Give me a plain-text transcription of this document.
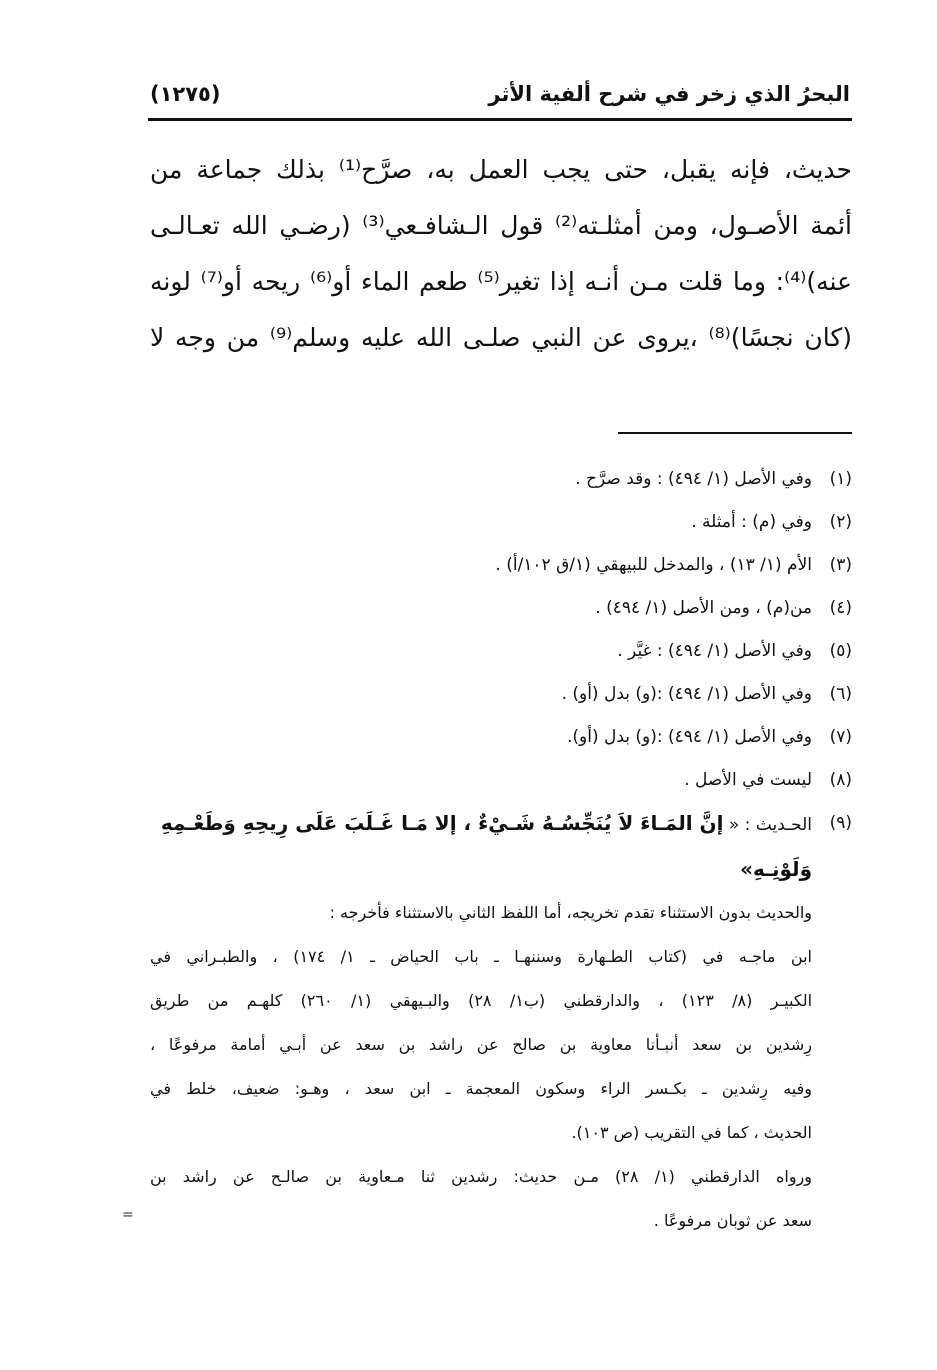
البحرُ الذي زخر في شرح ألفية الأثر
(١٢٧٥)
حديث، فإنه يقبل، حتى يجب العمل به، صرَّح⁽¹⁾ بذلك جماعة من
أئمة الأصـول، ومن أمثلـته⁽²⁾ قول الـشافـعي⁽³⁾ (رضـي الله تعـالـى
عنه)⁽⁴⁾: وما قلت مـن أنـه إذا تغير⁽⁵⁾ طعم الماء أو⁽⁶⁾ ريحه أو⁽⁷⁾ لونه
(كان نجسًا)⁽⁸⁾ ،يروى عن النبي صلـى الله عليه وسلم⁽⁹⁾ من وجه لا
(١)
وفي الأصل (١/ ٤٩٤) : وقد صرَّح .
(٢)
وفي (م) : أمثلة .
(٣)
الأم (١/ ١٣) ، والمدخل للبيهقي (١/ق ١٠٢/أ) .
(٤)
من(م) ، ومن الأصل (١/ ٤٩٤) .
(٥)
وفي الأصل (١/ ٤٩٤) : غيَّر .
(٦)
وفي الأصل (١/ ٤٩٤) :(و) بدل (أو) .
(٧)
وفي الأصل (١/ ٤٩٤) :(و) بدل (أو).
(٨)
ليست في الأصل .
(٩)
الحـديث : « إنَّ المَـاءَ لاَ يُنَجِّسُـهُ شَـيْءٌ ، إلا مَـا غَـلَبَ عَلَى رِيحِهِ وَطَعْـمِهِ
وَلَوْنِـهِ»
والحديث بدون الاستثناء تقدم تخريجه، أما اللفظ الثاني بالاستثناء فأخرجه :
ابن ماجـه في (كتاب الطـهارة وسننهـا ـ باب الحياض ـ ١/ ١٧٤) ، والطبـراني في
الكبيـر (٨/ ١٢٣) ، والدارقطني (ب١/ ٢٨) والبـيهقي (١/ ٢٦٠) كلهـم من طريق
رِشدين بن سعد أنبـأنا معاوية بن صالح عن راشد بن سعد عن أبـي أمامة مرفوعًا ،
وفيه رِشدين ـ بكـسر الراء وسكون المعجمة ـ ابن سعد ، وهـو: ضعيف، خلط في
الحديث ، كما في التقريب (ص ١٠٣).
ورواه الدارقطني (١/ ٢٨) مـن حديث: رشدين ثنا مـعاوية بن صالـح عن راشد بن
سعد عن ثوبان مرفوعًا .
=
